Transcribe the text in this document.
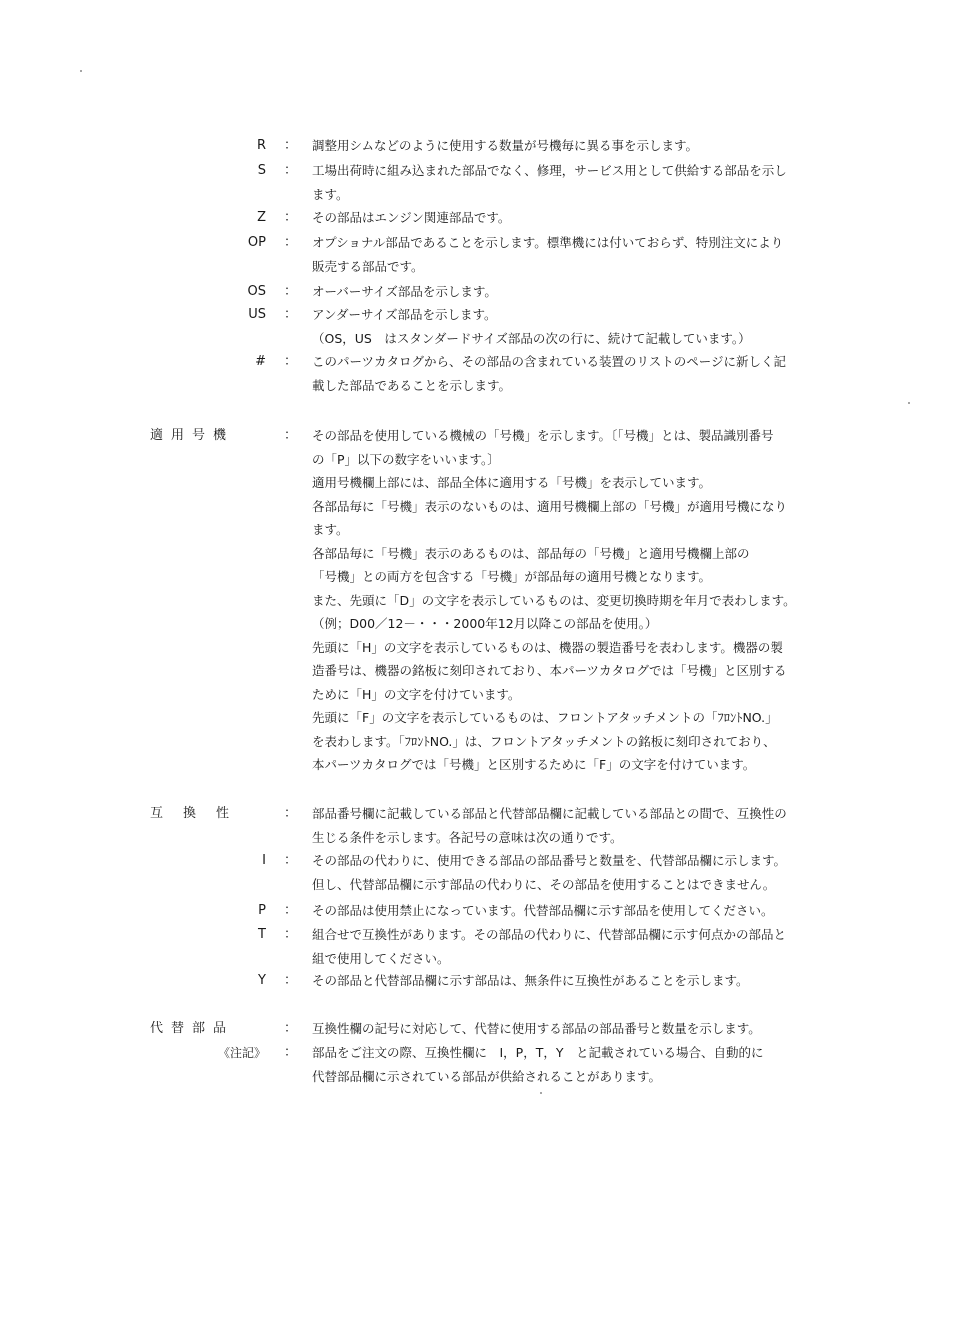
R ： 調整用シムなどのように使用する数量が号機毎に異る事を示します。
S ： 工場出荷時に組み込まれた部品でなく、修理，サービス用として供給する部品を示し
ます。
Z ： その部品はエンジン関連部品です。
OP ： オプショナル部品であることを示します。標準機には付いておらず、特別注文により
販売する部品です。
OS ： オーバーサイズ部品を示します。
US ： アンダーサイズ部品を示します。
（OS，US　はスタンダードサイズ部品の次の行に、続けて記載しています。）
# ： このパーツカタログから、その部品の含まれている装置のリストのページに新しく記
載した部品であることを示します。
適用号機	： その部品を使用している機械の「号機」を示します。〔「号機」とは、製品識別番号
の「P」以下の数字をいいます。〕
適用号機欄上部には、部品全体に適用する「号機」を表示しています。
各部品毎に「号機」表示のないものは、適用号機欄上部の「号機」が適用号機になり
ます。
各部品毎に「号機」表示のあるものは、部品毎の「号機」と適用号機欄上部の
「号機」との両方を包含する「号機」が部品毎の適用号機となります。
また、先頭に「D」の文字を表示しているものは、変更切換時期を年月で表わします。
（例；D00／12－・・・2000年12月以降この部品を使用。）
先頭に「H」の文字を表示しているものは、機器の製造番号を表わします。機器の製
造番号は、機器の銘板に刻印されており、本パーツカタログでは「号機」と区別する
ために「H」の文字を付けています。
先頭に「F」の文字を表示しているものは、フロントアタッチメントの「ﾌﾛﾝﾄNO.」
を表わします。「ﾌﾛﾝﾄNO.」は、フロントアタッチメントの銘板に刻印されており、
本パーツカタログでは「号機」と区別するために「F」の文字を付けています。
互換性	： 部品番号欄に記載している部品と代替部品欄に記載している部品との間で、互換性の
生じる条件を示します。各記号の意味は次の通りです。
I ： その部品の代わりに、使用できる部品の部品番号と数量を、代替部品欄に示します。
但し、代替部品欄に示す部品の代わりに、その部品を使用することはできません。
P ： その部品は使用禁止になっています。代替部品欄に示す部品を使用してください。
T ： 組合せで互換性があります。その部品の代わりに、代替部品欄に示す何点かの部品と
組で使用してください。
Y ： その部品と代替部品欄に示す部品は、無条件に互換性があることを示します。
代替部品	： 互換性欄の記号に対応して、代替に使用する部品の部品番号と数量を示します。
《注記》 ： 部品をご注文の際、互換性欄に　I，P，T，Y　と記載されている場合、自動的に
代替部品欄に示されている部品が供給されることがあります。
